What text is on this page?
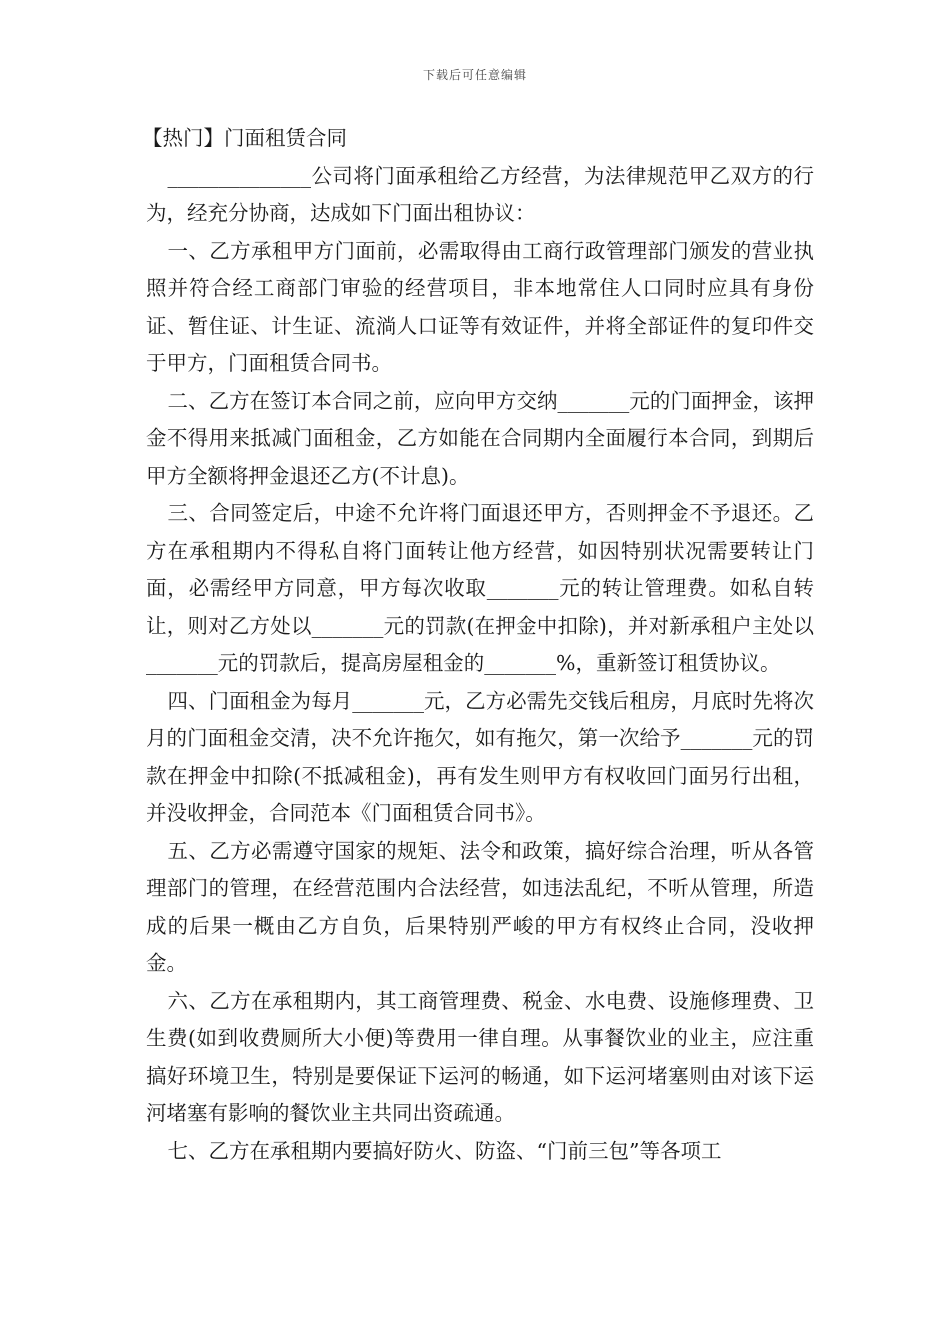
下载后可任意编辑

【热门】门面租赁合同

______________公司将门面承租给乙方经营，为法律规范甲乙双方的行为，经充分协商，达成如下门面出租协议：

一、乙方承租甲方门面前，必需取得由工商行政管理部门颁发的营业执照并符合经工商部门审验的经营项目，非本地常住人口同时应具有身份证、暂住证、计生证、流淌人口证等有效证件，并将全部证件的复印件交于甲方，门面租赁合同书。

二、乙方在签订本合同之前，应向甲方交纳_______元的门面押金，该押金不得用来抵减门面租金，乙方如能在合同期内全面履行本合同，到期后甲方全额将押金退还乙方(不计息)。

三、合同签定后，中途不允许将门面退还甲方，否则押金不予退还。乙方在承租期内不得私自将门面转让他方经营，如因特别状况需要转让门面，必需经甲方同意，甲方每次收取_______元的转让管理费。如私自转让，则对乙方处以_______元的罚款(在押金中扣除)，并对新承租户主处以_______元的罚款后，提高房屋租金的_______%，重新签订租赁协议。

四、门面租金为每月_______元，乙方必需先交钱后租房，月底时先将次月的门面租金交清，决不允许拖欠，如有拖欠，第一次给予_______元的罚款在押金中扣除(不抵减租金)，再有发生则甲方有权收回门面另行出租，并没收押金，合同范本《门面租赁合同书》。

五、乙方必需遵守国家的规矩、法令和政策，搞好综合治理，听从各管理部门的管理，在经营范围内合法经营，如违法乱纪，不听从管理，所造成的后果一概由乙方自负，后果特别严峻的甲方有权终止合同，没收押金。

六、乙方在承租期内，其工商管理费、税金、水电费、设施修理费、卫生费(如到收费厕所大小便)等费用一律自理。从事餐饮业的业主，应注重搞好环境卫生，特别是要保证下运河的畅通，如下运河堵塞则由对该下运河堵塞有影响的餐饮业主共同出资疏通。

七、乙方在承租期内要搞好防火、防盗、“门前三包”等各项工
